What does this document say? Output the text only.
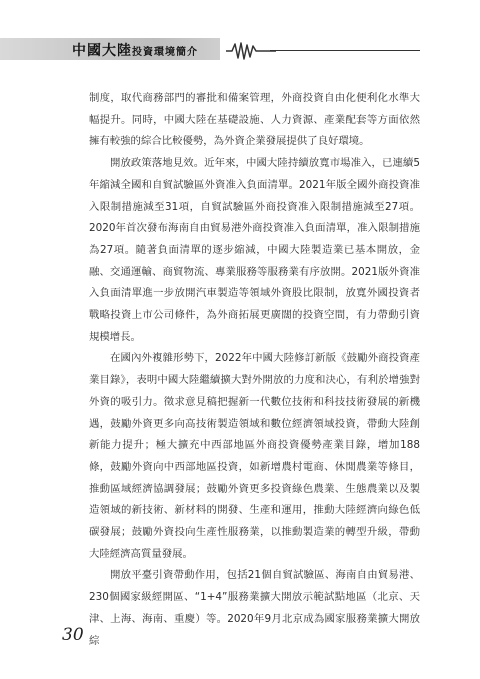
中國大陸投資環境簡介

制度，取代商務部門的審批和備案管理，外商投資自由化便利化水準大幅提升。同時，中國大陸在基礎設施、人力資源、產業配套等方面依然擁有較強的綜合比較優勢，為外資企業發展提供了良好環境。

開放政策落地見效。近年來，中國大陸持續放寬市場准入，已連續5年縮減全國和自貿試驗區外資准入負面清單。2021年版全國外商投資准入限制措施減至31項，自貿試驗區外商投資准入限制措施減至27項。2020年首次發布海南自由貿易港外商投資准入負面清單，准入限制措施為27項。隨著負面清單的逐步縮減，中國大陸製造業已基本開放，金融、交通運輸、商貿物流、專業服務等服務業有序放開。2021版外資准入負面清單進一步放開汽車製造等領域外資股比限制，放寬外國投資者戰略投資上市公司條件，為外商拓展更廣闊的投資空間，有力帶動引資規模增長。

在國內外複雜形勢下，2022年中國大陸修訂新版《鼓勵外商投資產業目錄》，表明中國大陸繼續擴大對外開放的力度和決心，有利於增強對外資的吸引力。徵求意見稿把握新一代數位技術和科技技術發展的新機遇，鼓勵外資更多向高技術製造領域和數位經濟領域投資，帶動大陸創新能力提升；極大擴充中西部地區外商投資優勢產業目錄，增加188條，鼓勵外資向中西部地區投資，如新增農村電商、休閒農業等條目，推動區域經濟協調發展；鼓勵外資更多投資綠色農業、生態農業以及製造領域的新技術、新材料的開發、生產和運用，推動大陸經濟向綠色低碳發展；鼓勵外資投向生產性服務業，以推動製造業的轉型升級，帶動大陸經濟高質量發展。

開放平臺引資帶動作用，包括21個自貿試驗區、海南自由貿易港、230個國家級經開區、“1+4”服務業擴大開放示範試點地區（北京、天津、上海、海南、重慶）等。2020年9月北京成為國家服務業擴大開放綜

30
